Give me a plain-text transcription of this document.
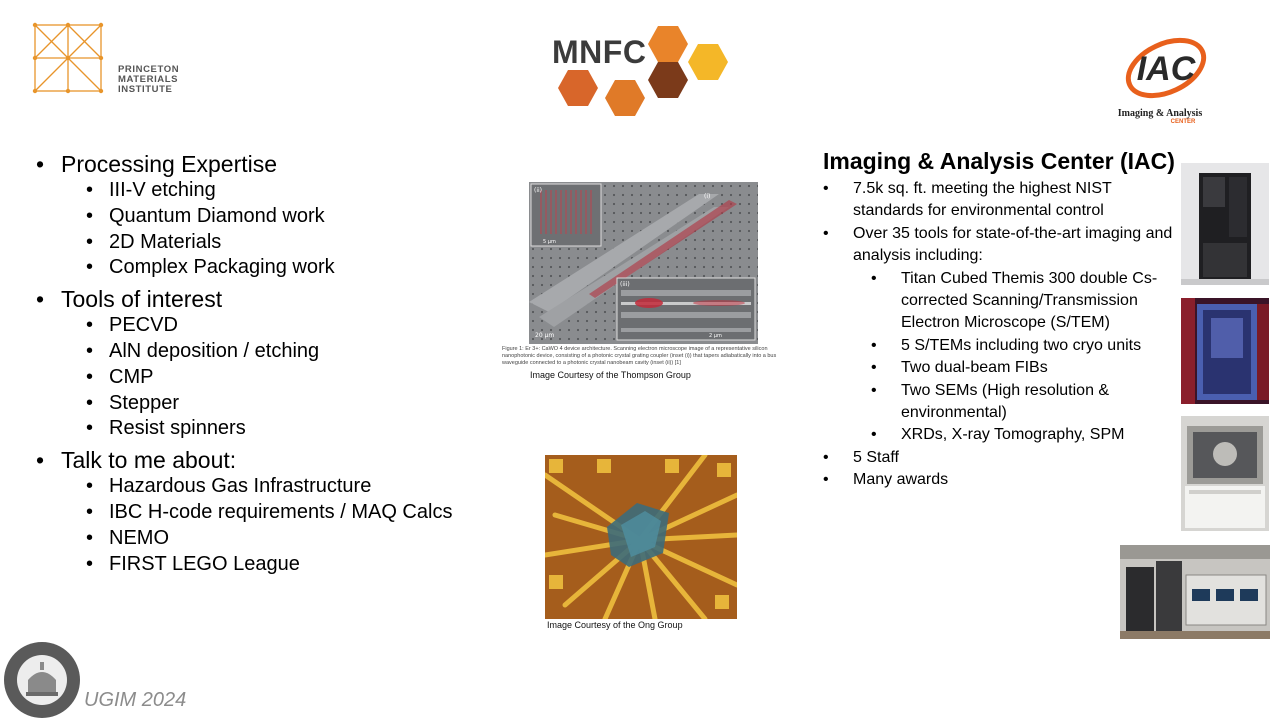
PRINCETON
MATERIALS
INSTITUTE
MNFC	IAC
Imaging & Analysis
CENTER
• Processing Expertise
• III-V etching
• Quantum Diamond work
• 2D Materials
• Complex Packaging work
• Tools of interest
• PECVD
• AlN deposition / etching
• CMP
• Stepper
• Resist spinners
• Talk to me about:
• Hazardous Gas Infrastructure
• IBC H-code requirements / MAQ Calcs
• NEMO
• FIRST LEGO League
(ii)
5 μm
(iii)
2 μm
(i)
20 μm
Figure 1: Er 3+: CaWO 4 device architecture. Scanning electron microscope image of a representative silicon nanophotonic device, consisting of a photonic crystal grating coupler (inset (i)) that tapers adiabatically into a bus waveguide connected to a photonic crystal nanobeam cavity (inset (ii)) [1]
Image Courtesy of the Thompson Group
Image Courtesy of the Ong Group
Imaging & Analysis Center (IAC)
• 7.5k sq. ft. meeting the highest NIST standards for environmental control
• Over 35 tools for state-of-the-art imaging and analysis including:
• Titan Cubed Themis 300 double Cs-corrected Scanning/Transmission Electron Microscope (S/TEM)
• 5 S/TEMs including two cryo units
• Two dual-beam FIBs
• Two SEMs (High resolution & environmental)
• XRDs, X-ray Tomography, SPM
• 5 Staff
• Many awards
UGIM 2024
